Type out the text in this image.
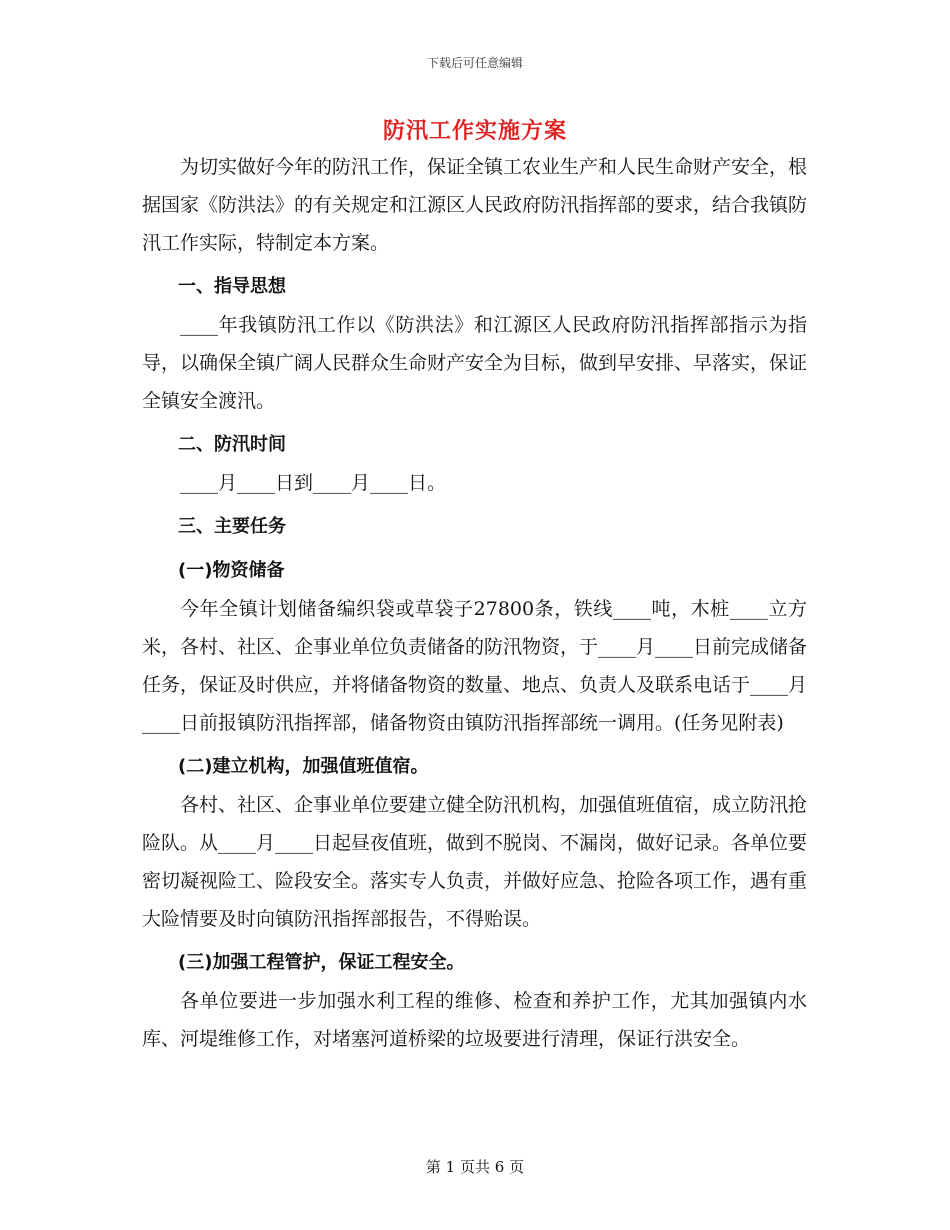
下载后可任意编辑
防汛工作实施方案

为切实做好今年的防汛工作，保证全镇工农业生产和人民生命财产安全，根据国家《防洪法》的有关规定和江源区人民政府防汛指挥部的要求，结合我镇防汛工作实际，特制定本方案。

一、指导思想

____年我镇防汛工作以《防洪法》和江源区人民政府防汛指挥部指示为指导，以确保全镇广阔人民群众生命财产安全为目标，做到早安排、早落实，保证全镇安全渡汛。

二、防汛时间

____月____日到____月____日。

三、主要任务

(一)物资储备

今年全镇计划储备编织袋或草袋子27800条，铁线____吨，木桩____立方米，各村、社区、企事业单位负责储备的防汛物资，于____月____日前完成储备任务，保证及时供应，并将储备物资的数量、地点、负责人及联系电话于____月____日前报镇防汛指挥部，储备物资由镇防汛指挥部统一调用。(任务见附表)

(二)建立机构，加强值班值宿。

各村、社区、企事业单位要建立健全防汛机构，加强值班值宿，成立防汛抢险队。从____月____日起昼夜值班，做到不脱岗、不漏岗，做好记录。各单位要密切凝视险工、险段安全。落实专人负责，并做好应急、抢险各项工作，遇有重大险情要及时向镇防汛指挥部报告，不得贻误。

(三)加强工程管护，保证工程安全。

各单位要进一步加强水利工程的维修、检查和养护工作，尤其加强镇内水库、河堤维修工作，对堵塞河道桥梁的垃圾要进行清理，保证行洪安全。

第 1 页共 6 页
